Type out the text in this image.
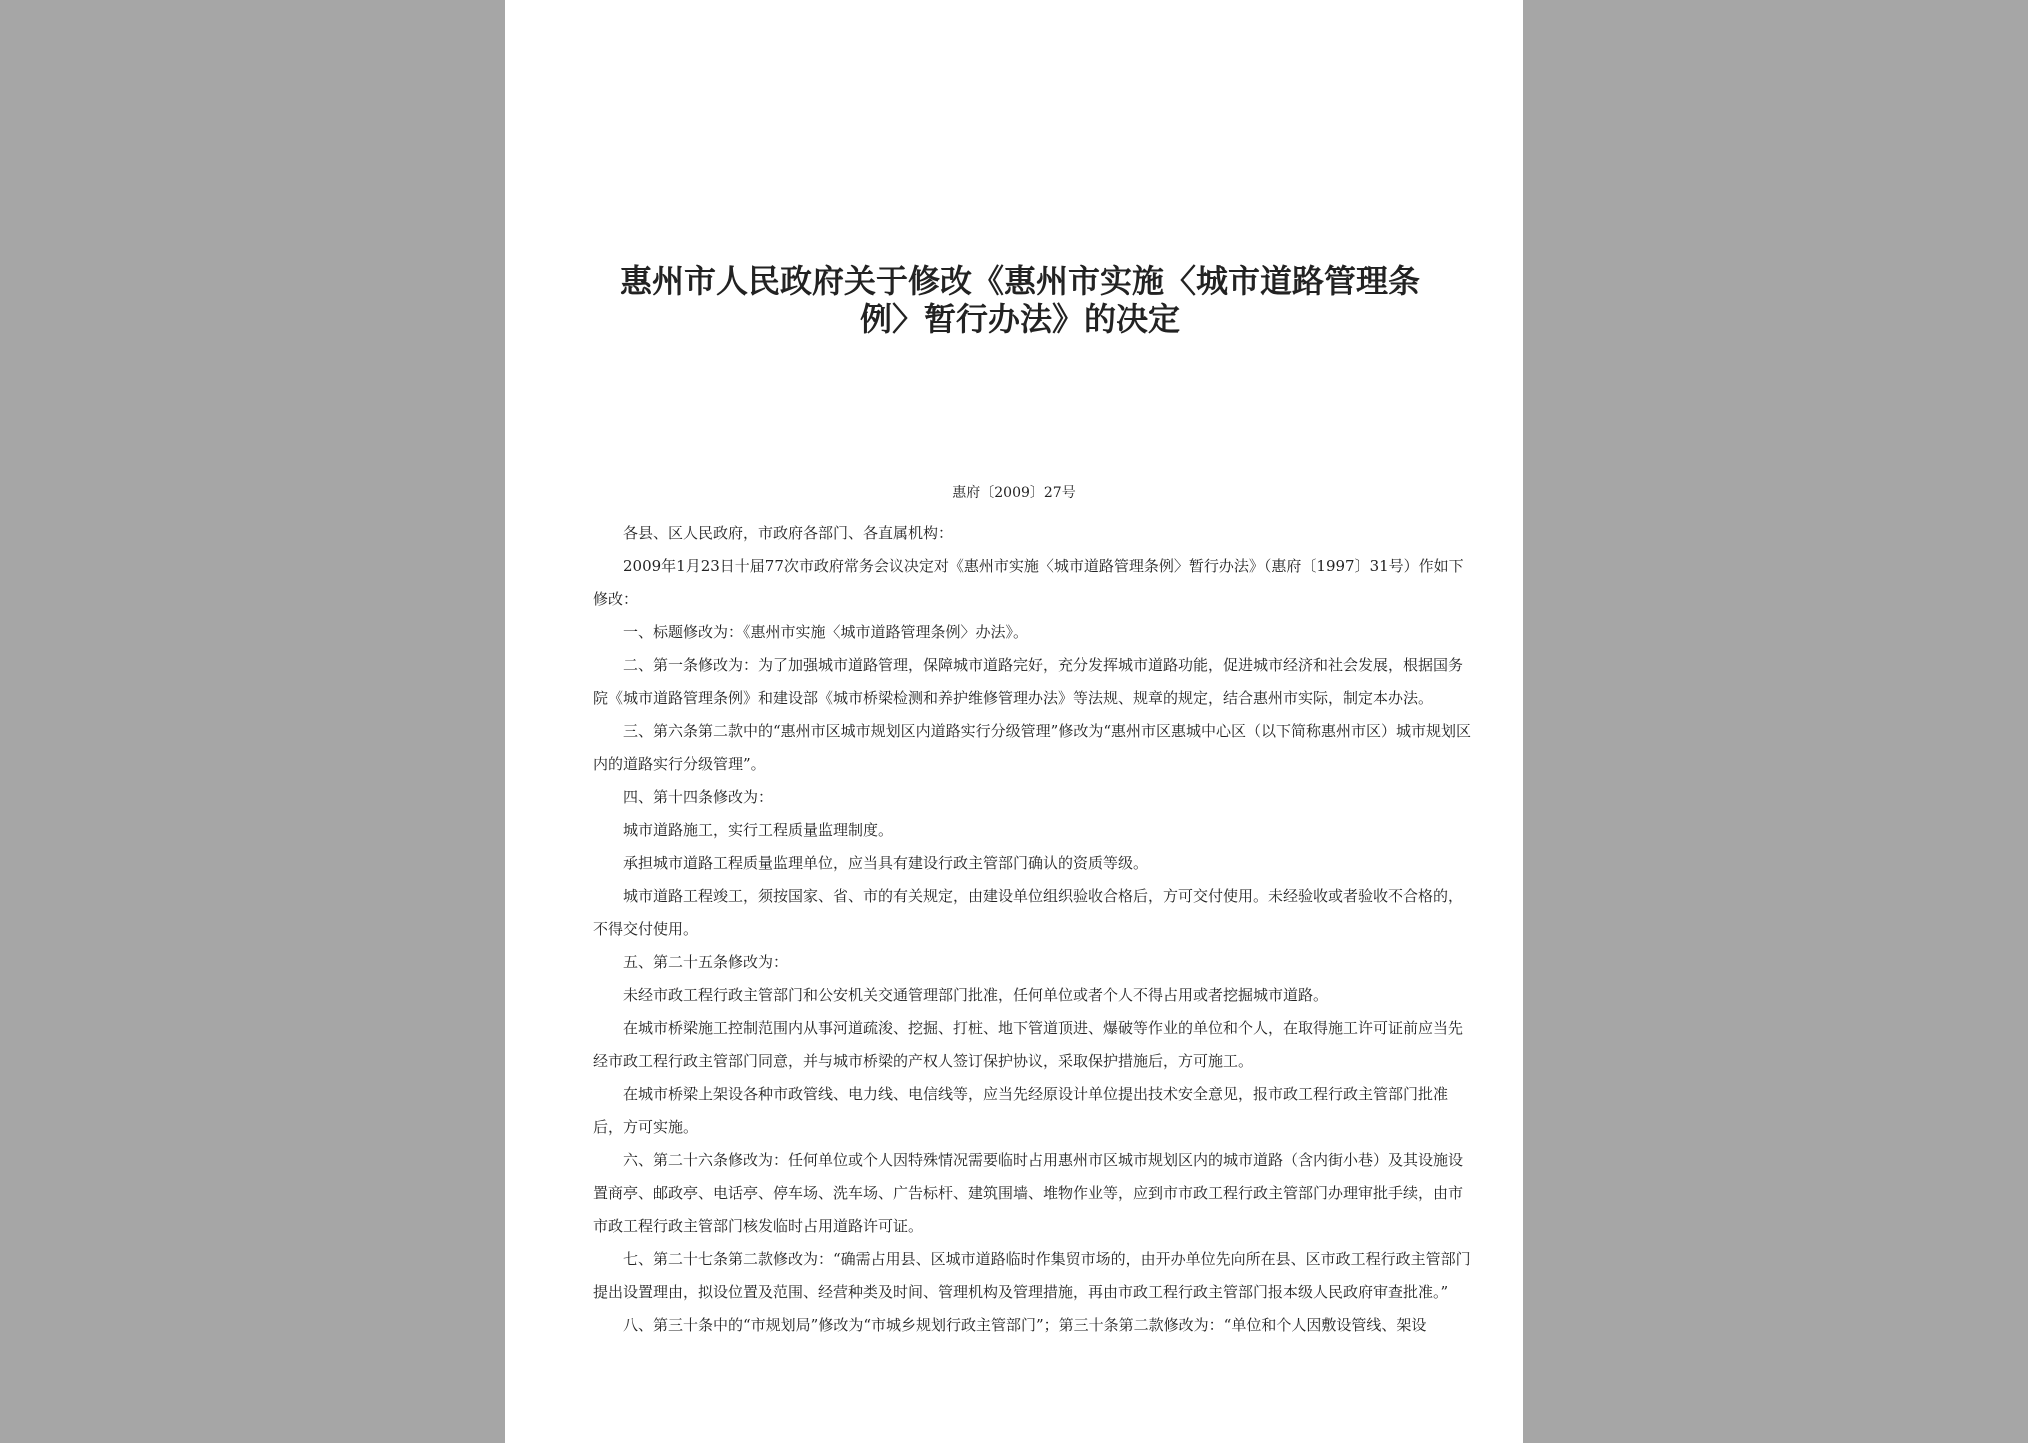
惠州市人民政府关于修改《惠州市实施〈城市道路管理条例〉暂行办法》的决定
惠府〔2009〕27号

各县、区人民政府，市政府各部门、各直属机构：

2009年1月23日十届77次市政府常务会议决定对《惠州市实施〈城市道路管理条例〉暂行办法》（惠府〔1997〕31号）作如下修改：

一、标题修改为：《惠州市实施〈城市道路管理条例〉办法》。

二、第一条修改为：为了加强城市道路管理，保障城市道路完好，充分发挥城市道路功能，促进城市经济和社会发展，根据国务院《城市道路管理条例》和建设部《城市桥梁检测和养护维修管理办法》等法规、规章的规定，结合惠州市实际，制定本办法。

三、第六条第二款中的“惠州市区城市规划区内道路实行分级管理”修改为“惠州市区惠城中心区（以下简称惠州市区）城市规划区内的道路实行分级管理”。

四、第十四条修改为：

城市道路施工，实行工程质量监理制度。

承担城市道路工程质量监理单位，应当具有建设行政主管部门确认的资质等级。

城市道路工程竣工，须按国家、省、市的有关规定，由建设单位组织验收合格后，方可交付使用。未经验收或者验收不合格的，不得交付使用。

五、第二十五条修改为：

未经市政工程行政主管部门和公安机关交通管理部门批准，任何单位或者个人不得占用或者挖掘城市道路。

在城市桥梁施工控制范围内从事河道疏浚、挖掘、打桩、地下管道顶进、爆破等作业的单位和个人，在取得施工许可证前应当先经市政工程行政主管部门同意，并与城市桥梁的产权人签订保护协议，采取保护措施后，方可施工。

在城市桥梁上架设各种市政管线、电力线、电信线等，应当先经原设计单位提出技术安全意见，报市政工程行政主管部门批准后，方可实施。

六、第二十六条修改为：任何单位或个人因特殊情况需要临时占用惠州市区城市规划区内的城市道路（含内街小巷）及其设施设置商亭、邮政亭、电话亭、停车场、洗车场、广告标杆、建筑围墙、堆物作业等，应到市市政工程行政主管部门办理审批手续，由市市政工程行政主管部门核发临时占用道路许可证。

七、第二十七条第二款修改为：“确需占用县、区城市道路临时作集贸市场的，由开办单位先向所在县、区市政工程行政主管部门提出设置理由，拟设位置及范围、经营种类及时间、管理机构及管理措施，再由市政工程行政主管部门报本级人民政府审查批准。”

八、第三十条中的“市规划局”修改为“市城乡规划行政主管部门”；第三十条第二款修改为：“单位和个人因敷设管线、架设
